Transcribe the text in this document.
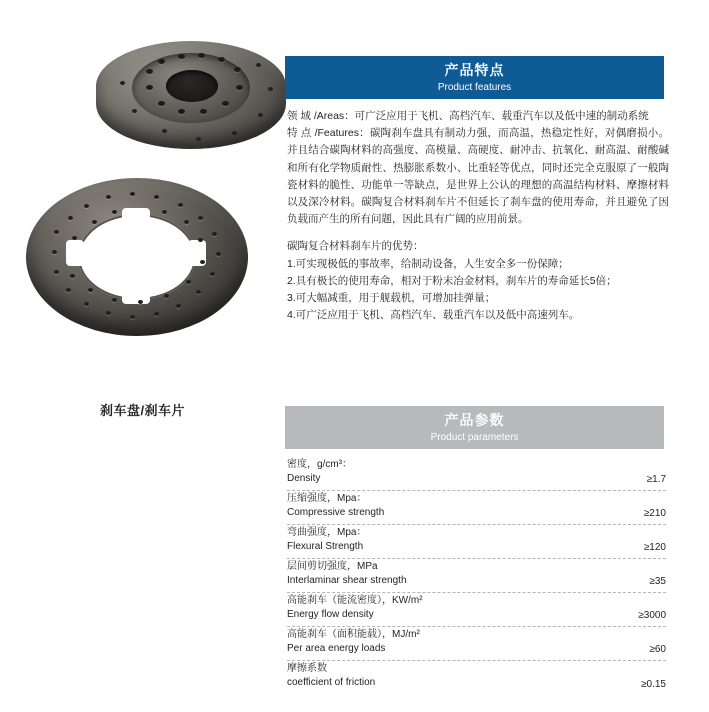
刹车盘/刹车片
产品特点
Product features

领 域 /Areas：可广泛应用于飞机、高档汽车、载重汽车以及低中速的制动系统

特 点 /Features：碳陶刹车盘具有制动力强，而高温，热稳定性好，对偶磨损小。并且结合碳陶材料的高强度、高模量、高硬度、耐冲击、抗氧化、耐高温、耐酸碱和所有化学物质耐性、热膨胀系数小、比重轻等优点，同时还完全克服原了一般陶瓷材料的脆性、功能单一等缺点，是世界上公认的理想的高温结构材料、摩擦材料以及深冷材料。碳陶复合材料刹车片不但延长了刹车盘的使用寿命，并且避免了因负载而产生的所有问题，因此具有广阔的应用前景。

碳陶复合材料刹车片的优势：

1.可实现极低的事故率，给制动设备，人生安全多一份保障；

2.具有极长的使用寿命，相对于粉末冶金材料，刹车片的寿命延长5倍；

3.可大幅减重，用于舰载机，可增加挂弹量；

4.可广泛应用于飞机、高档汽车、载重汽车以及低中高速列车。

产品参数
Product parameters
密度，g/cm³：
Density	≥1.7
压缩强度，Mpa：
Compressive strength	≥210
弯曲强度，Mpa：
Flexural Strength	≥120
层间剪切强度，MPa
Interlaminar shear strength	≥35
高能刹车（能流密度），KW/m²
Energy flow density	≥3000
高能刹车（面积能载），MJ/m²
Per area energy loads	≥60
摩擦系数
coefficient of friction	≥0.15
